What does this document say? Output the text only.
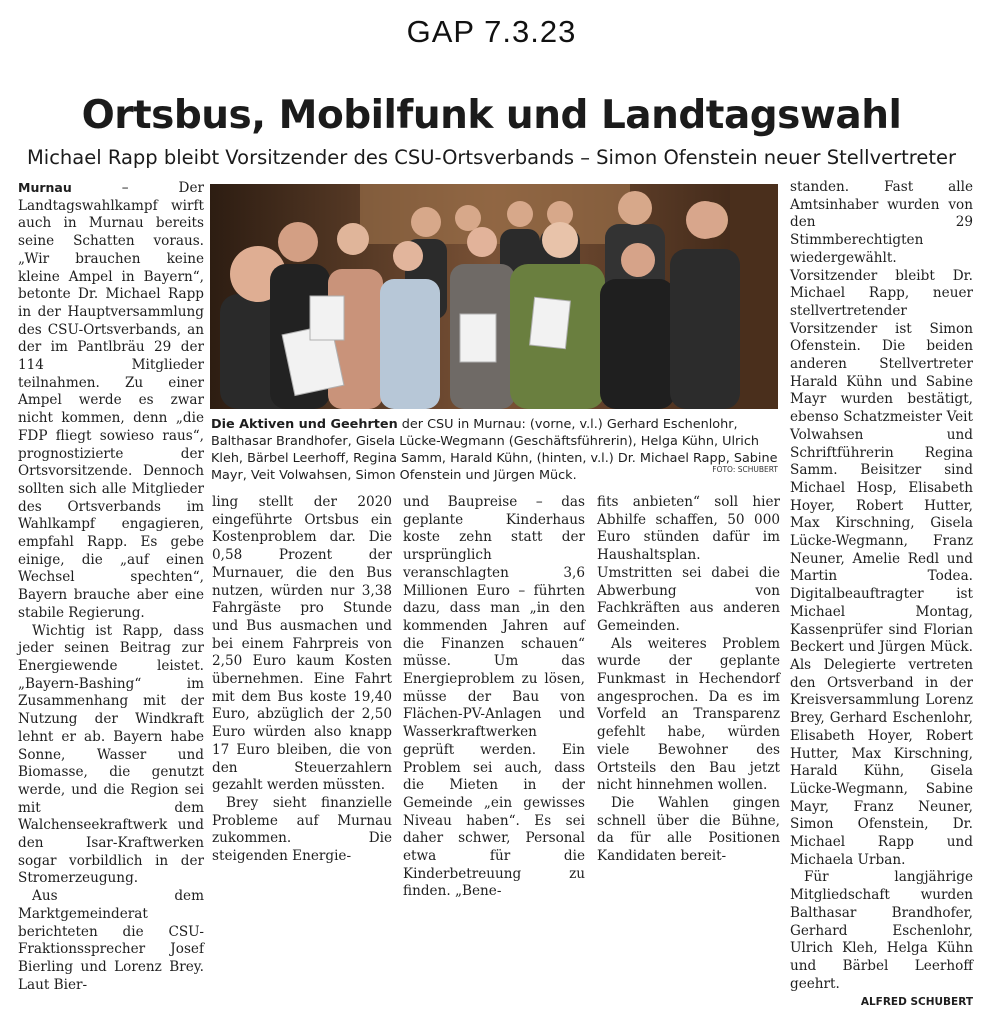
GAP 7.3.23
Ortsbus, Mobilfunk und Landtagswahl
Michael Rapp bleibt Vorsitzender des CSU-Ortsverbands – Simon Ofenstein neuer Stellvertreter

Murnau – Der Landtagswahlkampf wirft auch in Murnau bereits seine Schatten voraus. „Wir brauchen keine kleine Ampel in Bayern“, betonte Dr. Michael Rapp in der Hauptversammlung des CSU-Ortsverbands, an der im Pantlbräu 29 der 114 Mitglieder teilnahmen. Zu einer Ampel werde es zwar nicht kommen, denn „die FDP fliegt sowieso raus“, prognostizierte der Ortsvorsitzende. Dennoch sollten sich alle Mitglieder des Ortsverbands im Wahlkampf engagieren, empfahl Rapp. Es gebe einige, die „auf einen Wechsel spechten“, Bayern brauche aber eine stabile Regierung.

Wichtig ist Rapp, dass jeder seinen Beitrag zur Energiewende leistet. „Bayern-Bashing“ im Zusammenhang mit der Nutzung der Windkraft lehnt er ab. Bayern habe Sonne, Wasser und Biomasse, die genutzt werde, und die Region sei mit dem Walchenseekraftwerk und den Isar-Kraftwerken sogar vorbildlich in der Stromerzeugung.

Aus dem Marktgemeinderat berichteten die CSU-Fraktionssprecher Josef Bierling und Lorenz Brey. Laut Bier-

Die Aktiven und Geehrten der CSU in Murnau: (vorne, v.l.) Gerhard Eschenlohr, Balthasar Brandhofer, Gisela Lücke-Wegmann (Geschäftsführerin), Helga Kühn, Ulrich Kleh, Bärbel Leerhoff, Regina Samm, Harald Kühn, (hinten, v.l.) Dr. Michael Rapp, Sabine Mayr, Veit Volwahsen, Simon Ofenstein und Jürgen Mück.	FOTO: SCHUBERT

ling stellt der 2020 eingeführte Ortsbus ein Kostenproblem dar. Die 0,58 Prozent der Murnauer, die den Bus nutzen, würden nur 3,38 Fahrgäste pro Stunde und Bus ausmachen und bei einem Fahrpreis von 2,50 Euro kaum Kosten übernehmen. Eine Fahrt mit dem Bus koste 19,40 Euro, abzüglich der 2,50 Euro würden also knapp 17 Euro bleiben, die von den Steuerzahlern gezahlt werden müssten.

Brey sieht finanzielle Probleme auf Murnau zukommen. Die steigenden Energie-

und Baupreise – das geplante Kinderhaus koste zehn statt der ursprünglich veranschlagten 3,6 Millionen Euro – führten dazu, dass man „in den kommenden Jahren auf die Finanzen schauen“ müsse. Um das Energieproblem zu lösen, müsse der Bau von Flächen-PV-Anlagen und Wasserkraftwerken geprüft werden. Ein Problem sei auch, dass die Mieten in der Gemeinde „ein gewisses Niveau haben“. Es sei daher schwer, Personal etwa für die Kinderbetreuung zu finden. „Bene-

fits anbieten“ soll hier Abhilfe schaffen, 50 000 Euro stünden dafür im Haushaltsplan. Umstritten sei dabei die Abwerbung von Fachkräften aus anderen Gemeinden.

Als weiteres Problem wurde der geplante Funkmast in Hechendorf angesprochen. Da es im Vorfeld an Transparenz gefehlt habe, würden viele Bewohner des Ortsteils den Bau jetzt nicht hinnehmen wollen.

Die Wahlen gingen schnell über die Bühne, da für alle Positionen Kandidaten bereit-

standen. Fast alle Amtsinhaber wurden von den 29 Stimmberechtigten wiedergewählt. Vorsitzender bleibt Dr. Michael Rapp, neuer stellvertretender Vorsitzender ist Simon Ofenstein. Die beiden anderen Stellvertreter Harald Kühn und Sabine Mayr wurden bestätigt, ebenso Schatzmeister Veit Volwahsen und Schriftführerin Regina Samm. Beisitzer sind Michael Hosp, Elisabeth Hoyer, Robert Hutter, Max Kirschning, Gisela Lücke-Wegmann, Franz Neuner, Amelie Redl und Martin Todea. Digitalbeauftragter ist Michael Montag, Kassenprüfer sind Florian Beckert und Jürgen Mück. Als Delegierte vertreten den Ortsverband in der Kreisversammlung Lorenz Brey, Gerhard Eschenlohr, Elisabeth Hoyer, Robert Hutter, Max Kirschning, Harald Kühn, Gisela Lücke-Wegmann, Sabine Mayr, Franz Neuner, Simon Ofenstein, Dr. Michael Rapp und Michaela Urban.

Für langjährige Mitgliedschaft wurden Balthasar Brandhofer, Gerhard Eschenlohr, Ulrich Kleh, Helga Kühn und Bärbel Leerhoff geehrt.

ALFRED SCHUBERT
